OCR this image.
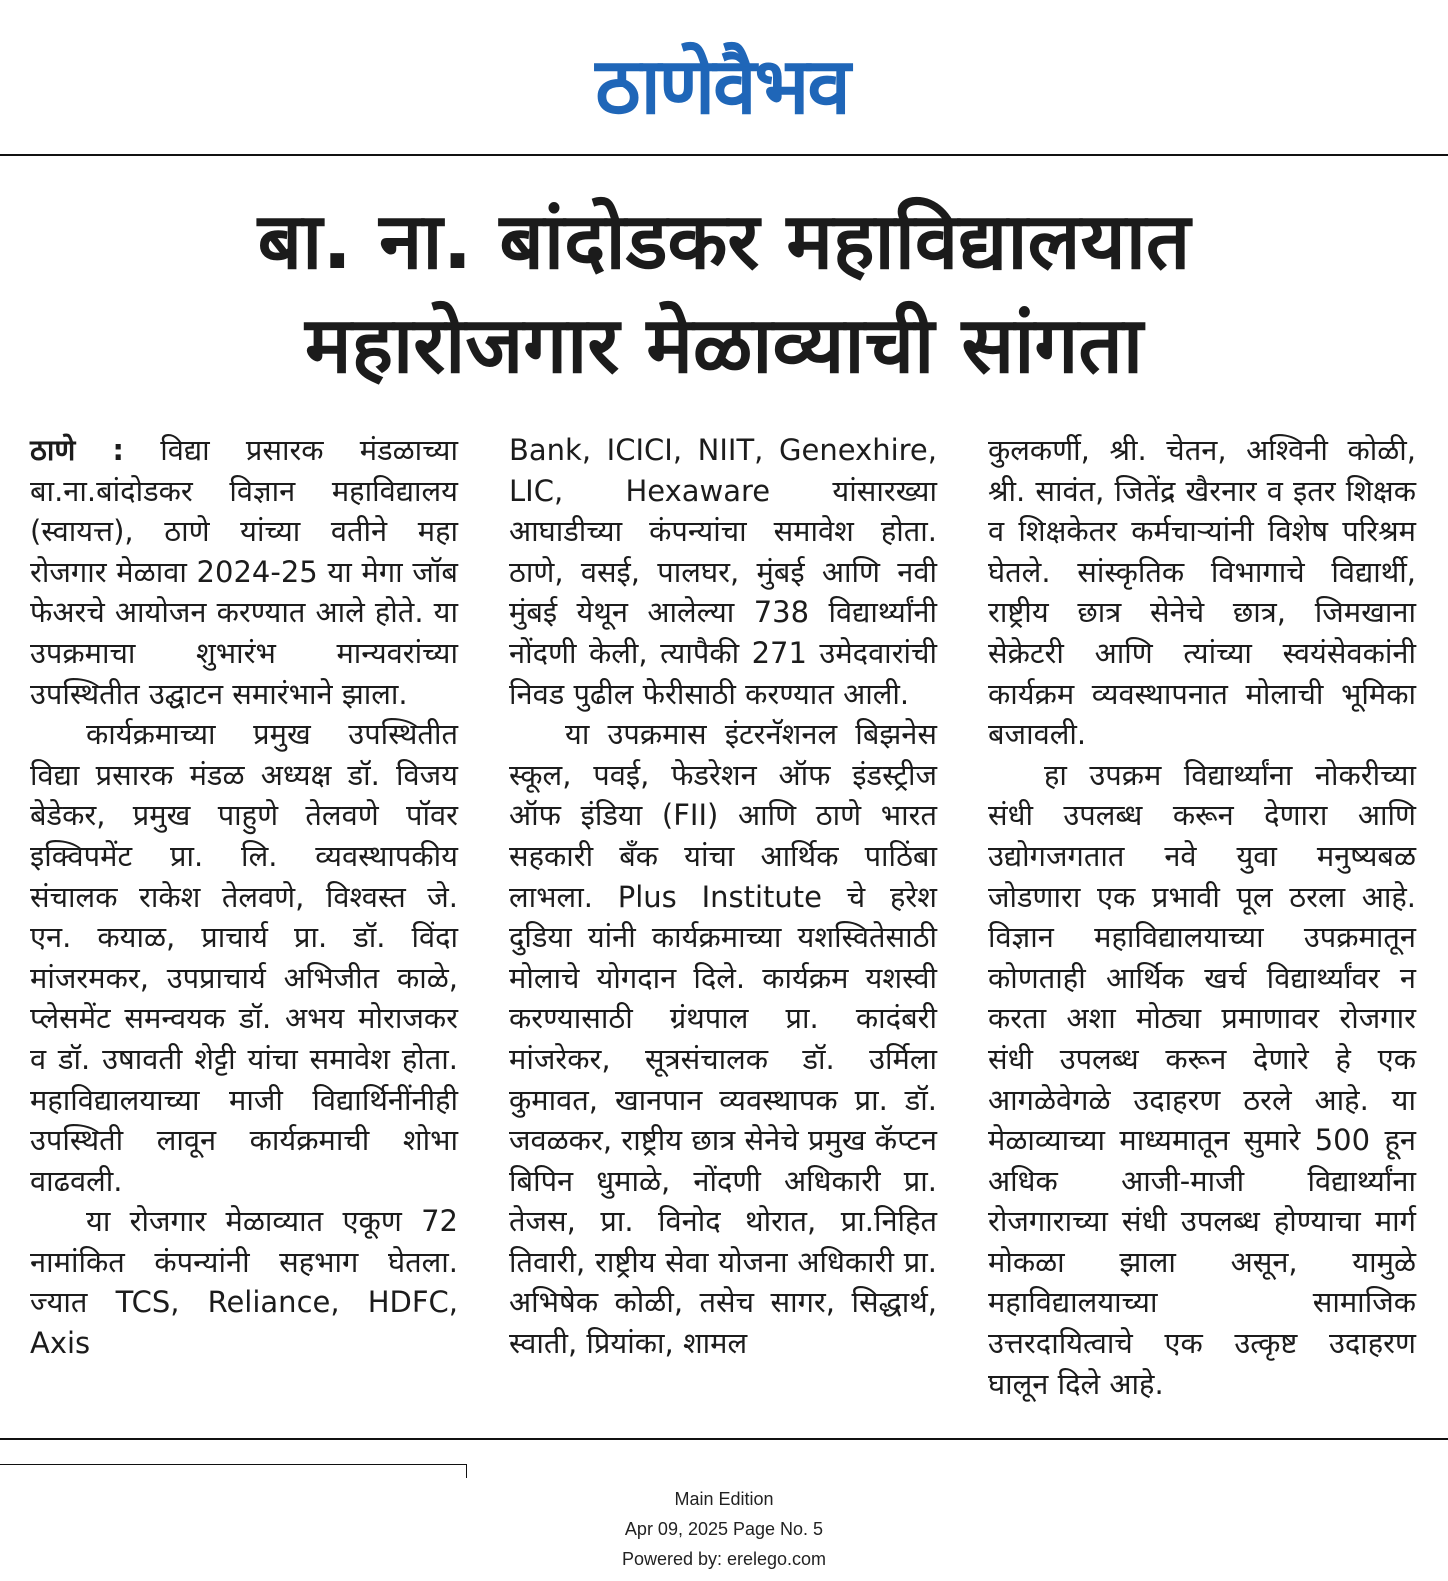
ठाणेवैभव
बा. ना. बांदोडकर महाविद्यालयात
महारोजगार मेळाव्याची सांगता

ठाणे : विद्या प्रसारक मंडळाच्या बा.ना.बांदोडकर विज्ञान महाविद्यालय (स्वायत्त), ठाणे यांच्या वतीने महा रोजगार मेळावा 2024-25 या मेगा जॉब फेअरचे आयोजन करण्यात आले होते. या उपक्रमाचा शुभारंभ मान्यवरांच्या उपस्थितीत उद्घाटन समारंभाने झाला.

कार्यक्रमाच्या प्रमुख उपस्थितीत विद्या प्रसारक मंडळ अध्यक्ष डॉ. विजय बेडेकर, प्रमुख पाहुणे तेलवणे पॉवर इक्विपमेंट प्रा. लि. व्यवस्थापकीय संचालक राकेश तेलवणे, विश्वस्त जे. एन. कयाळ, प्राचार्य प्रा. डॉ. विंदा मांजरमकर, उपप्राचार्य अभिजीत काळे, प्लेसमेंट समन्वयक डॉ. अभय मोराजकर व डॉ. उषावती शेट्टी यांचा समावेश होता. महाविद्यालयाच्या माजी विद्यार्थिनींनीही उपस्थिती लावून कार्यक्रमाची शोभा वाढवली.

या रोजगार मेळाव्यात एकूण 72 नामांकित कंपन्यांनी सहभाग घेतला. ज्यात TCS, Reliance, HDFC, Axis

Bank, ICICI, NIIT, Genexhire, LIC, Hexaware यांसारख्या आघाडीच्या कंपन्यांचा समावेश होता. ठाणे, वसई, पालघर, मुंबई आणि नवी मुंबई येथून आलेल्या 738 विद्यार्थ्यांनी नोंदणी केली, त्यापैकी 271 उमेदवारांची निवड पुढील फेरीसाठी करण्यात आली.

या उपक्रमास इंटरनॅशनल बिझनेस स्कूल, पवई, फेडरेशन ऑफ इंडस्ट्रीज ऑफ इंडिया (FII) आणि ठाणे भारत सहकारी बँक यांचा आर्थिक पाठिंबा लाभला. Plus Institute चे हरेश दुडिया यांनी कार्यक्रमाच्या यशस्वितेसाठी मोलाचे योगदान दिले. कार्यक्रम यशस्वी करण्यासाठी ग्रंथपाल प्रा. कादंबरी मांजरेकर, सूत्रसंचालक डॉ. उर्मिला कुमावत, खानपान व्यवस्थापक प्रा. डॉ. जवळकर, राष्ट्रीय छात्र सेनेचे प्रमुख कॅप्टन बिपिन धुमाळे, नोंदणी अधिकारी प्रा. तेजस, प्रा. विनोद थोरात, प्रा.निहित तिवारी, राष्ट्रीय सेवा योजना अधिकारी प्रा. अभिषेक कोळी, तसेच सागर, सिद्धार्थ, स्वाती, प्रियांका, शामल

कुलकर्णी, श्री. चेतन, अश्विनी कोळी, श्री. सावंत, जितेंद्र खैरनार व इतर शिक्षक व शिक्षकेतर कर्मचाऱ्यांनी विशेष परिश्रम घेतले. सांस्कृतिक विभागाचे विद्यार्थी, राष्ट्रीय छात्र सेनेचे छात्र, जिमखाना सेक्रेटरी आणि त्यांच्या स्वयंसेवकांनी कार्यक्रम व्यवस्थापनात मोलाची भूमिका बजावली.

हा उपक्रम विद्यार्थ्यांना नोकरीच्या संधी उपलब्ध करून देणारा आणि उद्योगजगतात नवे युवा मनुष्यबळ जोडणारा एक प्रभावी पूल ठरला आहे. विज्ञान महाविद्यालयाच्या उपक्रमातून कोणताही आर्थिक खर्च विद्यार्थ्यांवर न करता अशा मोठ्या प्रमाणावर रोजगार संधी उपलब्ध करून देणारे हे एक आगळेवेगळे उदाहरण ठरले आहे. या मेळाव्याच्या माध्यमातून सुमारे 500 हून अधिक आजी-माजी विद्यार्थ्यांना रोजगाराच्या संधी उपलब्ध होण्याचा मार्ग मोकळा झाला असून, यामुळे महाविद्यालयाच्या सामाजिक उत्तरदायित्वाचे एक उत्कृष्ट उदाहरण घालून दिले आहे.

Main Edition
Apr 09, 2025 Page No. 5
Powered by: erelego.com
